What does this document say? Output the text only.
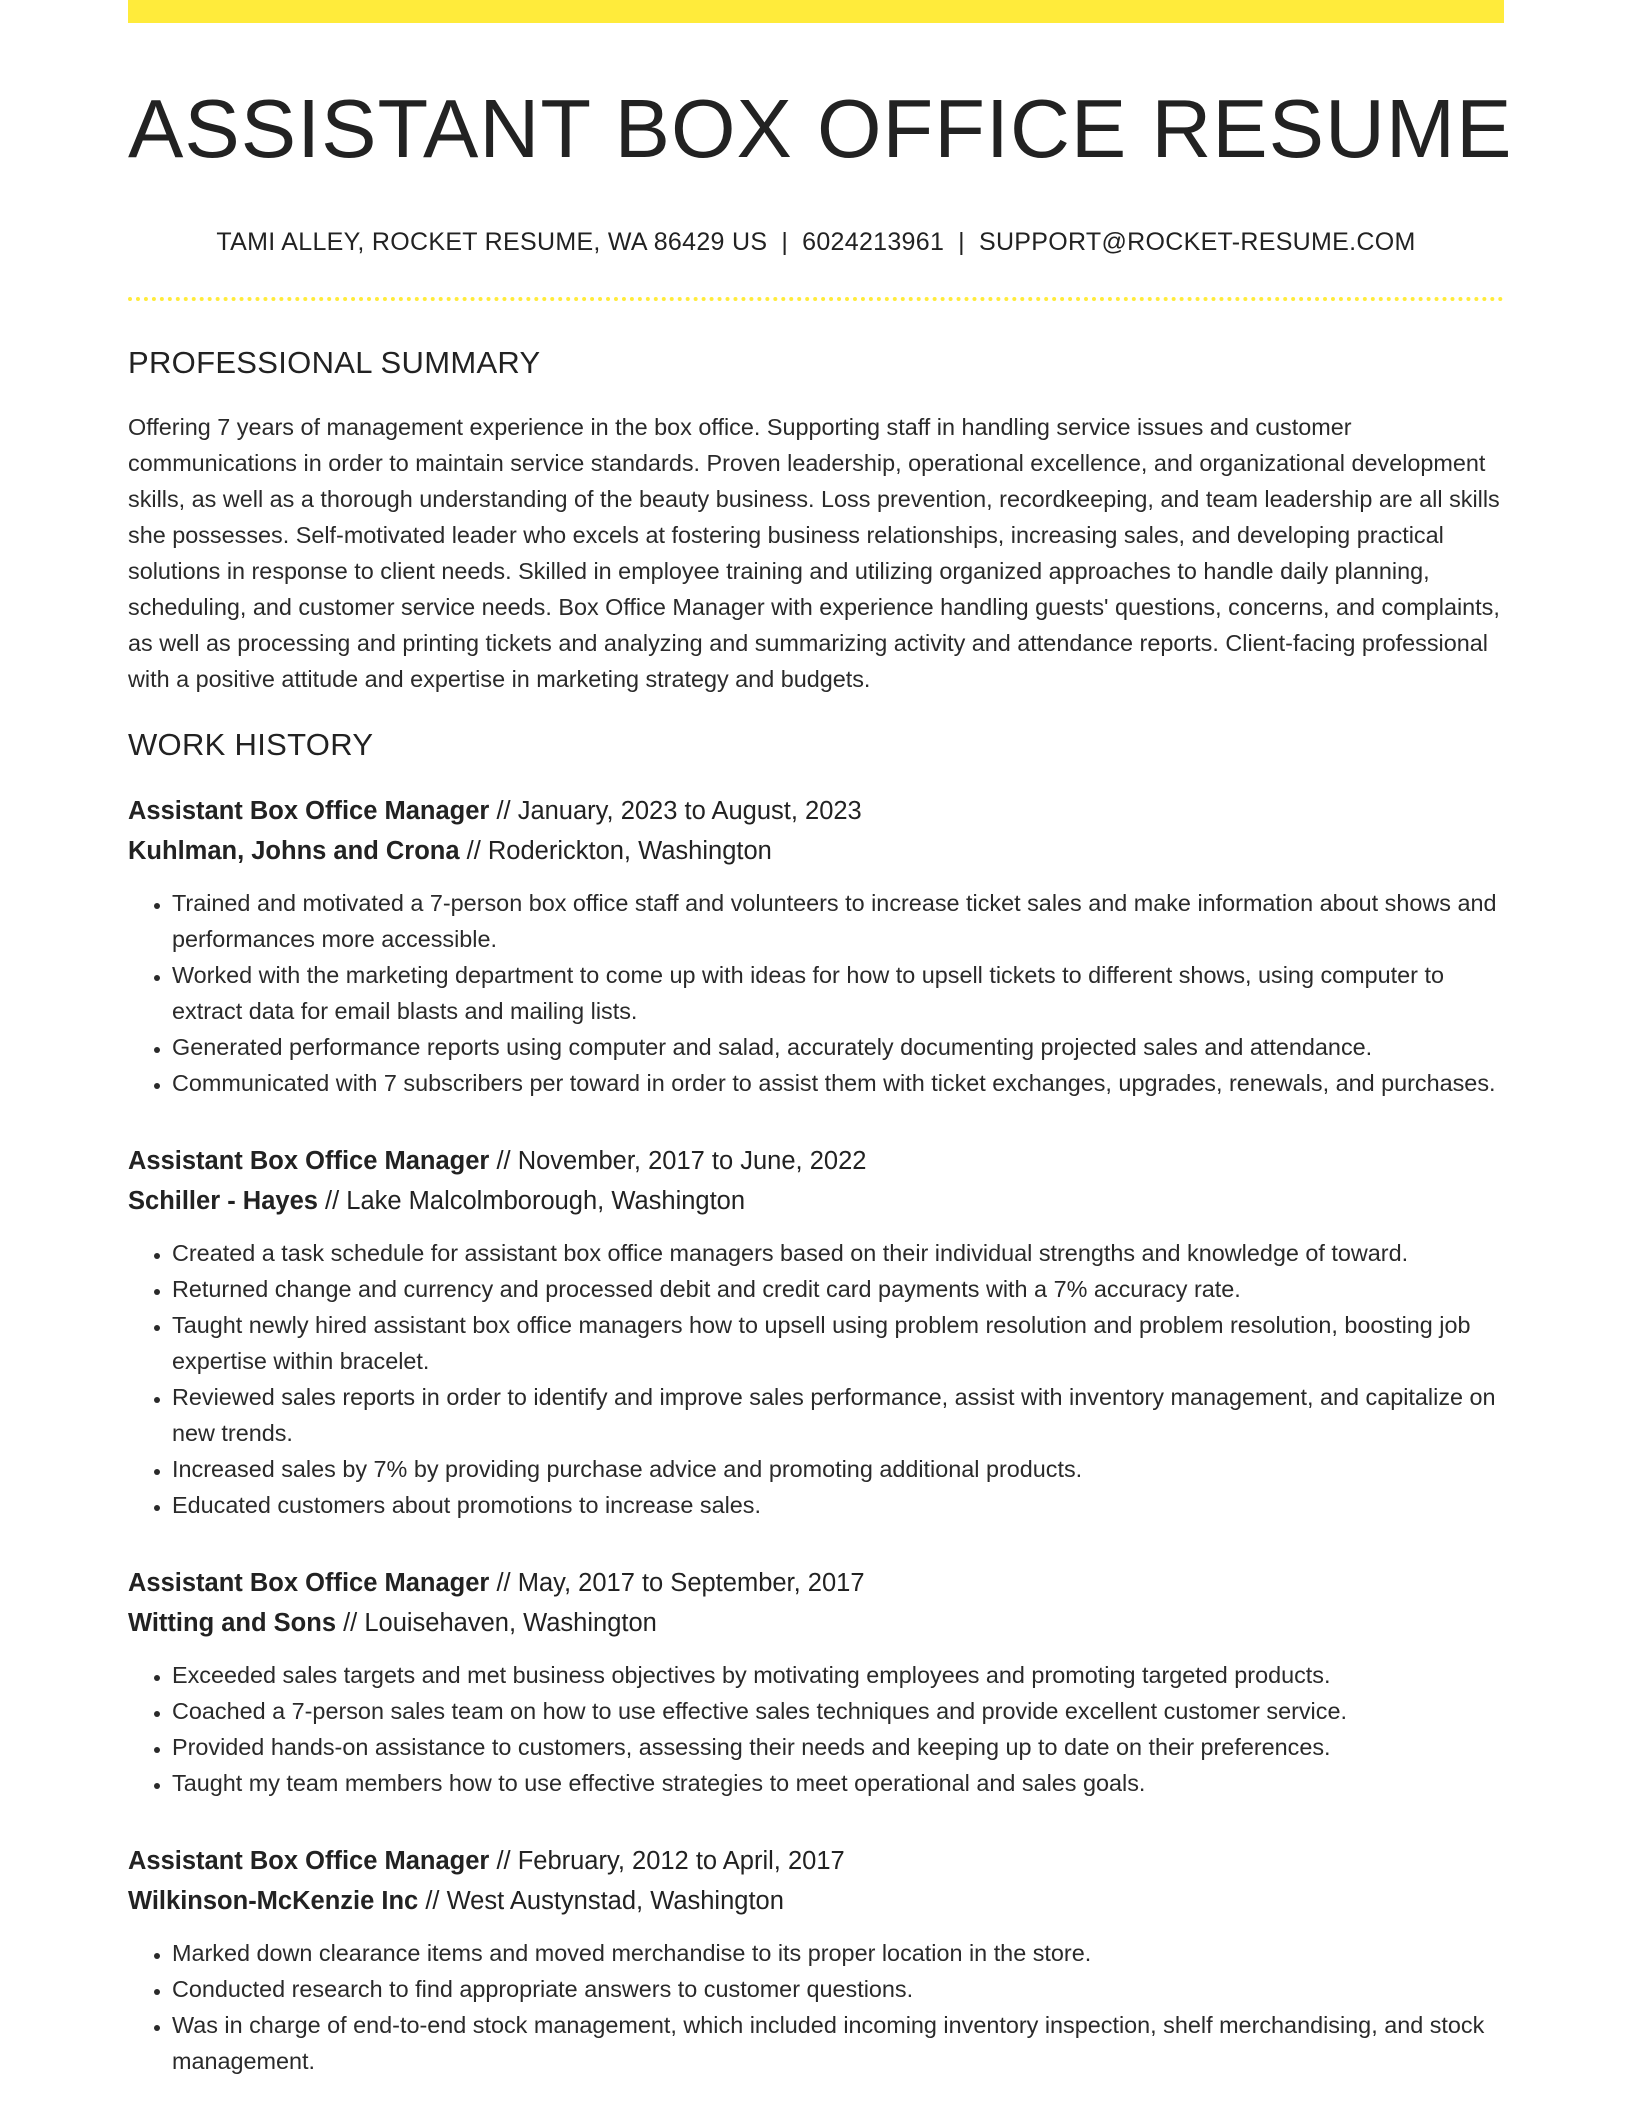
ASSISTANT BOX OFFICE RESUME
TAMI ALLEY, ROCKET RESUME, WA 86429 US | 6024213961 | SUPPORT@ROCKET-RESUME.COM
PROFESSIONAL SUMMARY

Offering 7 years of management experience in the box office. Supporting staff in handling service issues and customer communications in order to maintain service standards. Proven leadership, operational excellence, and organizational development skills, as well as a thorough understanding of the beauty business. Loss prevention, recordkeeping, and team leadership are all skills she possesses. Self-motivated leader who excels at fostering business relationships, increasing sales, and developing practical solutions in response to client needs. Skilled in employee training and utilizing organized approaches to handle daily planning, scheduling, and customer service needs. Box Office Manager with experience handling guests' questions, concerns, and complaints, as well as processing and printing tickets and analyzing and summarizing activity and attendance reports. Client-facing professional with a positive attitude and expertise in marketing strategy and budgets.

WORK HISTORY
Assistant Box Office Manager // January, 2023 to August, 2023
Kuhlman, Johns and Crona // Roderickton, Washington
• Trained and motivated a 7-person box office staff and volunteers to increase ticket sales and make information about shows and performances more accessible.
• Worked with the marketing department to come up with ideas for how to upsell tickets to different shows, using computer to extract data for email blasts and mailing lists.
• Generated performance reports using computer and salad, accurately documenting projected sales and attendance.
• Communicated with 7 subscribers per toward in order to assist them with ticket exchanges, upgrades, renewals, and purchases.
Assistant Box Office Manager // November, 2017 to June, 2022
Schiller - Hayes // Lake Malcolmborough, Washington
• Created a task schedule for assistant box office managers based on their individual strengths and knowledge of toward.
• Returned change and currency and processed debit and credit card payments with a 7% accuracy rate.
• Taught newly hired assistant box office managers how to upsell using problem resolution and problem resolution, boosting job expertise within bracelet.
• Reviewed sales reports in order to identify and improve sales performance, assist with inventory management, and capitalize on new trends.
• Increased sales by 7% by providing purchase advice and promoting additional products.
• Educated customers about promotions to increase sales.
Assistant Box Office Manager // May, 2017 to September, 2017
Witting and Sons // Louisehaven, Washington
• Exceeded sales targets and met business objectives by motivating employees and promoting targeted products.
• Coached a 7-person sales team on how to use effective sales techniques and provide excellent customer service.
• Provided hands-on assistance to customers, assessing their needs and keeping up to date on their preferences.
• Taught my team members how to use effective strategies to meet operational and sales goals.
Assistant Box Office Manager // February, 2012 to April, 2017
Wilkinson-McKenzie Inc // West Austynstad, Washington
• Marked down clearance items and moved merchandise to its proper location in the store.
• Conducted research to find appropriate answers to customer questions.
• Was in charge of end-to-end stock management, which included incoming inventory inspection, shelf merchandising, and stock management.
